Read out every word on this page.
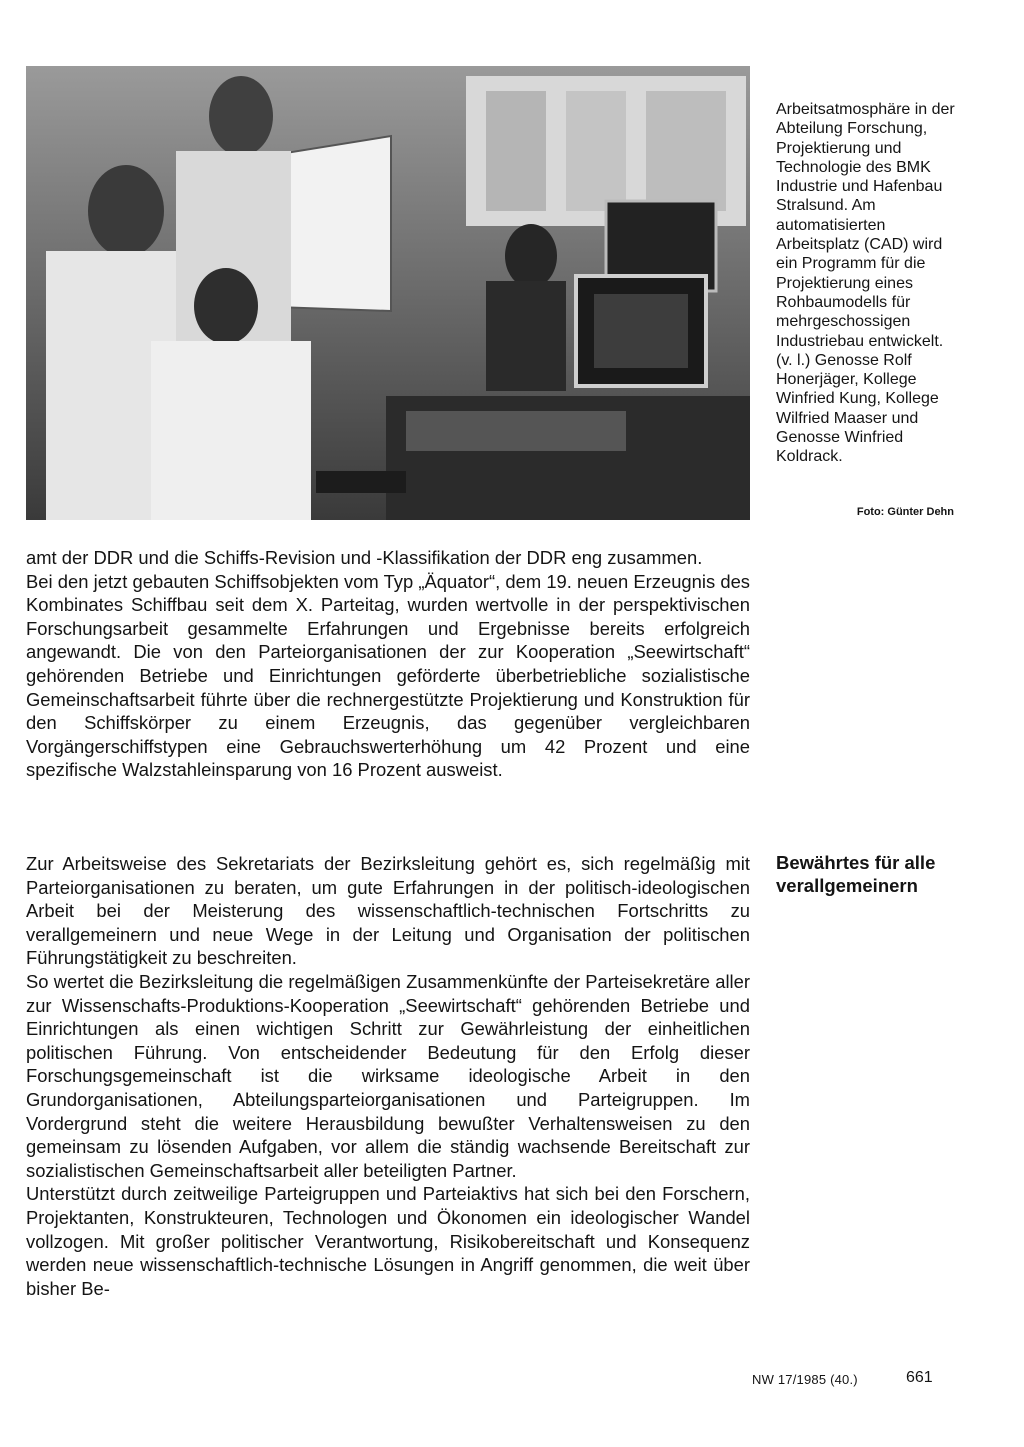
Arbeitsatmosphäre in der Abteilung Forschung, Projektierung und Technologie des BMK Industrie und Hafenbau Stralsund. Am automatisierten Arbeitsplatz (CAD) wird ein Programm für die Projektierung eines Rohbaumodells für mehrgeschossigen Industriebau entwickelt. (v. l.) Genosse Rolf Honerjäger, Kollege Winfried Kung, Kollege Wilfried Maaser und Genosse Winfried Koldrack.

Foto: Günter Dehn

amt der DDR und die Schiffs-Revision und -Klassifikation der DDR eng zusammen.

Bei den jetzt gebauten Schiffsobjekten vom Typ „Äquator“, dem 19. neuen Erzeugnis des Kombinates Schiffbau seit dem X. Parteitag, wurden wertvolle in der perspektivischen Forschungsarbeit gesammelte Erfahrungen und Ergebnisse bereits erfolgreich angewandt. Die von den Parteiorganisationen der zur Kooperation „Seewirtschaft“ gehörenden Betriebe und Einrichtungen geförderte überbetriebliche sozialistische Gemeinschaftsarbeit führte über die rechnergestützte Projektierung und Konstruktion für den Schiffskörper zu einem Erzeugnis, das gegenüber vergleichbaren Vorgängerschiffstypen eine Gebrauchswerterhöhung um 42 Prozent und eine spezifische Walzstahleinsparung von 16 Prozent ausweist.

Bewährtes für alle verallgemeinern

Zur Arbeitsweise des Sekretariats der Bezirksleitung gehört es, sich regelmäßig mit Parteiorganisationen zu beraten, um gute Erfahrungen in der politisch-ideologischen Arbeit bei der Meisterung des wissenschaftlich-technischen Fortschritts zu verallgemeinern und neue Wege in der Leitung und Organisation der politischen Führungstätigkeit zu beschreiten.

So wertet die Bezirksleitung die regelmäßigen Zusammenkünfte der Parteisekretäre aller zur Wissenschafts-Produktions-Kooperation „Seewirtschaft“ gehörenden Betriebe und Einrichtungen als einen wichtigen Schritt zur Gewährleistung der einheitlichen politischen Führung. Von entscheidender Bedeutung für den Erfolg dieser Forschungsgemeinschaft ist die wirksame ideologische Arbeit in den Grundorganisationen, Abteilungsparteiorganisationen und Parteigruppen. Im Vordergrund steht die weitere Herausbildung bewußter Verhaltensweisen zu den gemeinsam zu lösenden Aufgaben, vor allem die ständig wachsende Bereitschaft zur sozialistischen Gemeinschaftsarbeit aller beteiligten Partner.

Unterstützt durch zeitweilige Parteigruppen und Parteiaktivs hat sich bei den Forschern, Projektanten, Konstrukteuren, Technologen und Ökonomen ein ideologischer Wandel vollzogen. Mit großer politischer Verantwortung, Risikobereitschaft und Konsequenz werden neue wissenschaftlich-technische Lösungen in Angriff genommen, die weit über bisher Be-

NW 17/1985 (40.)	661
